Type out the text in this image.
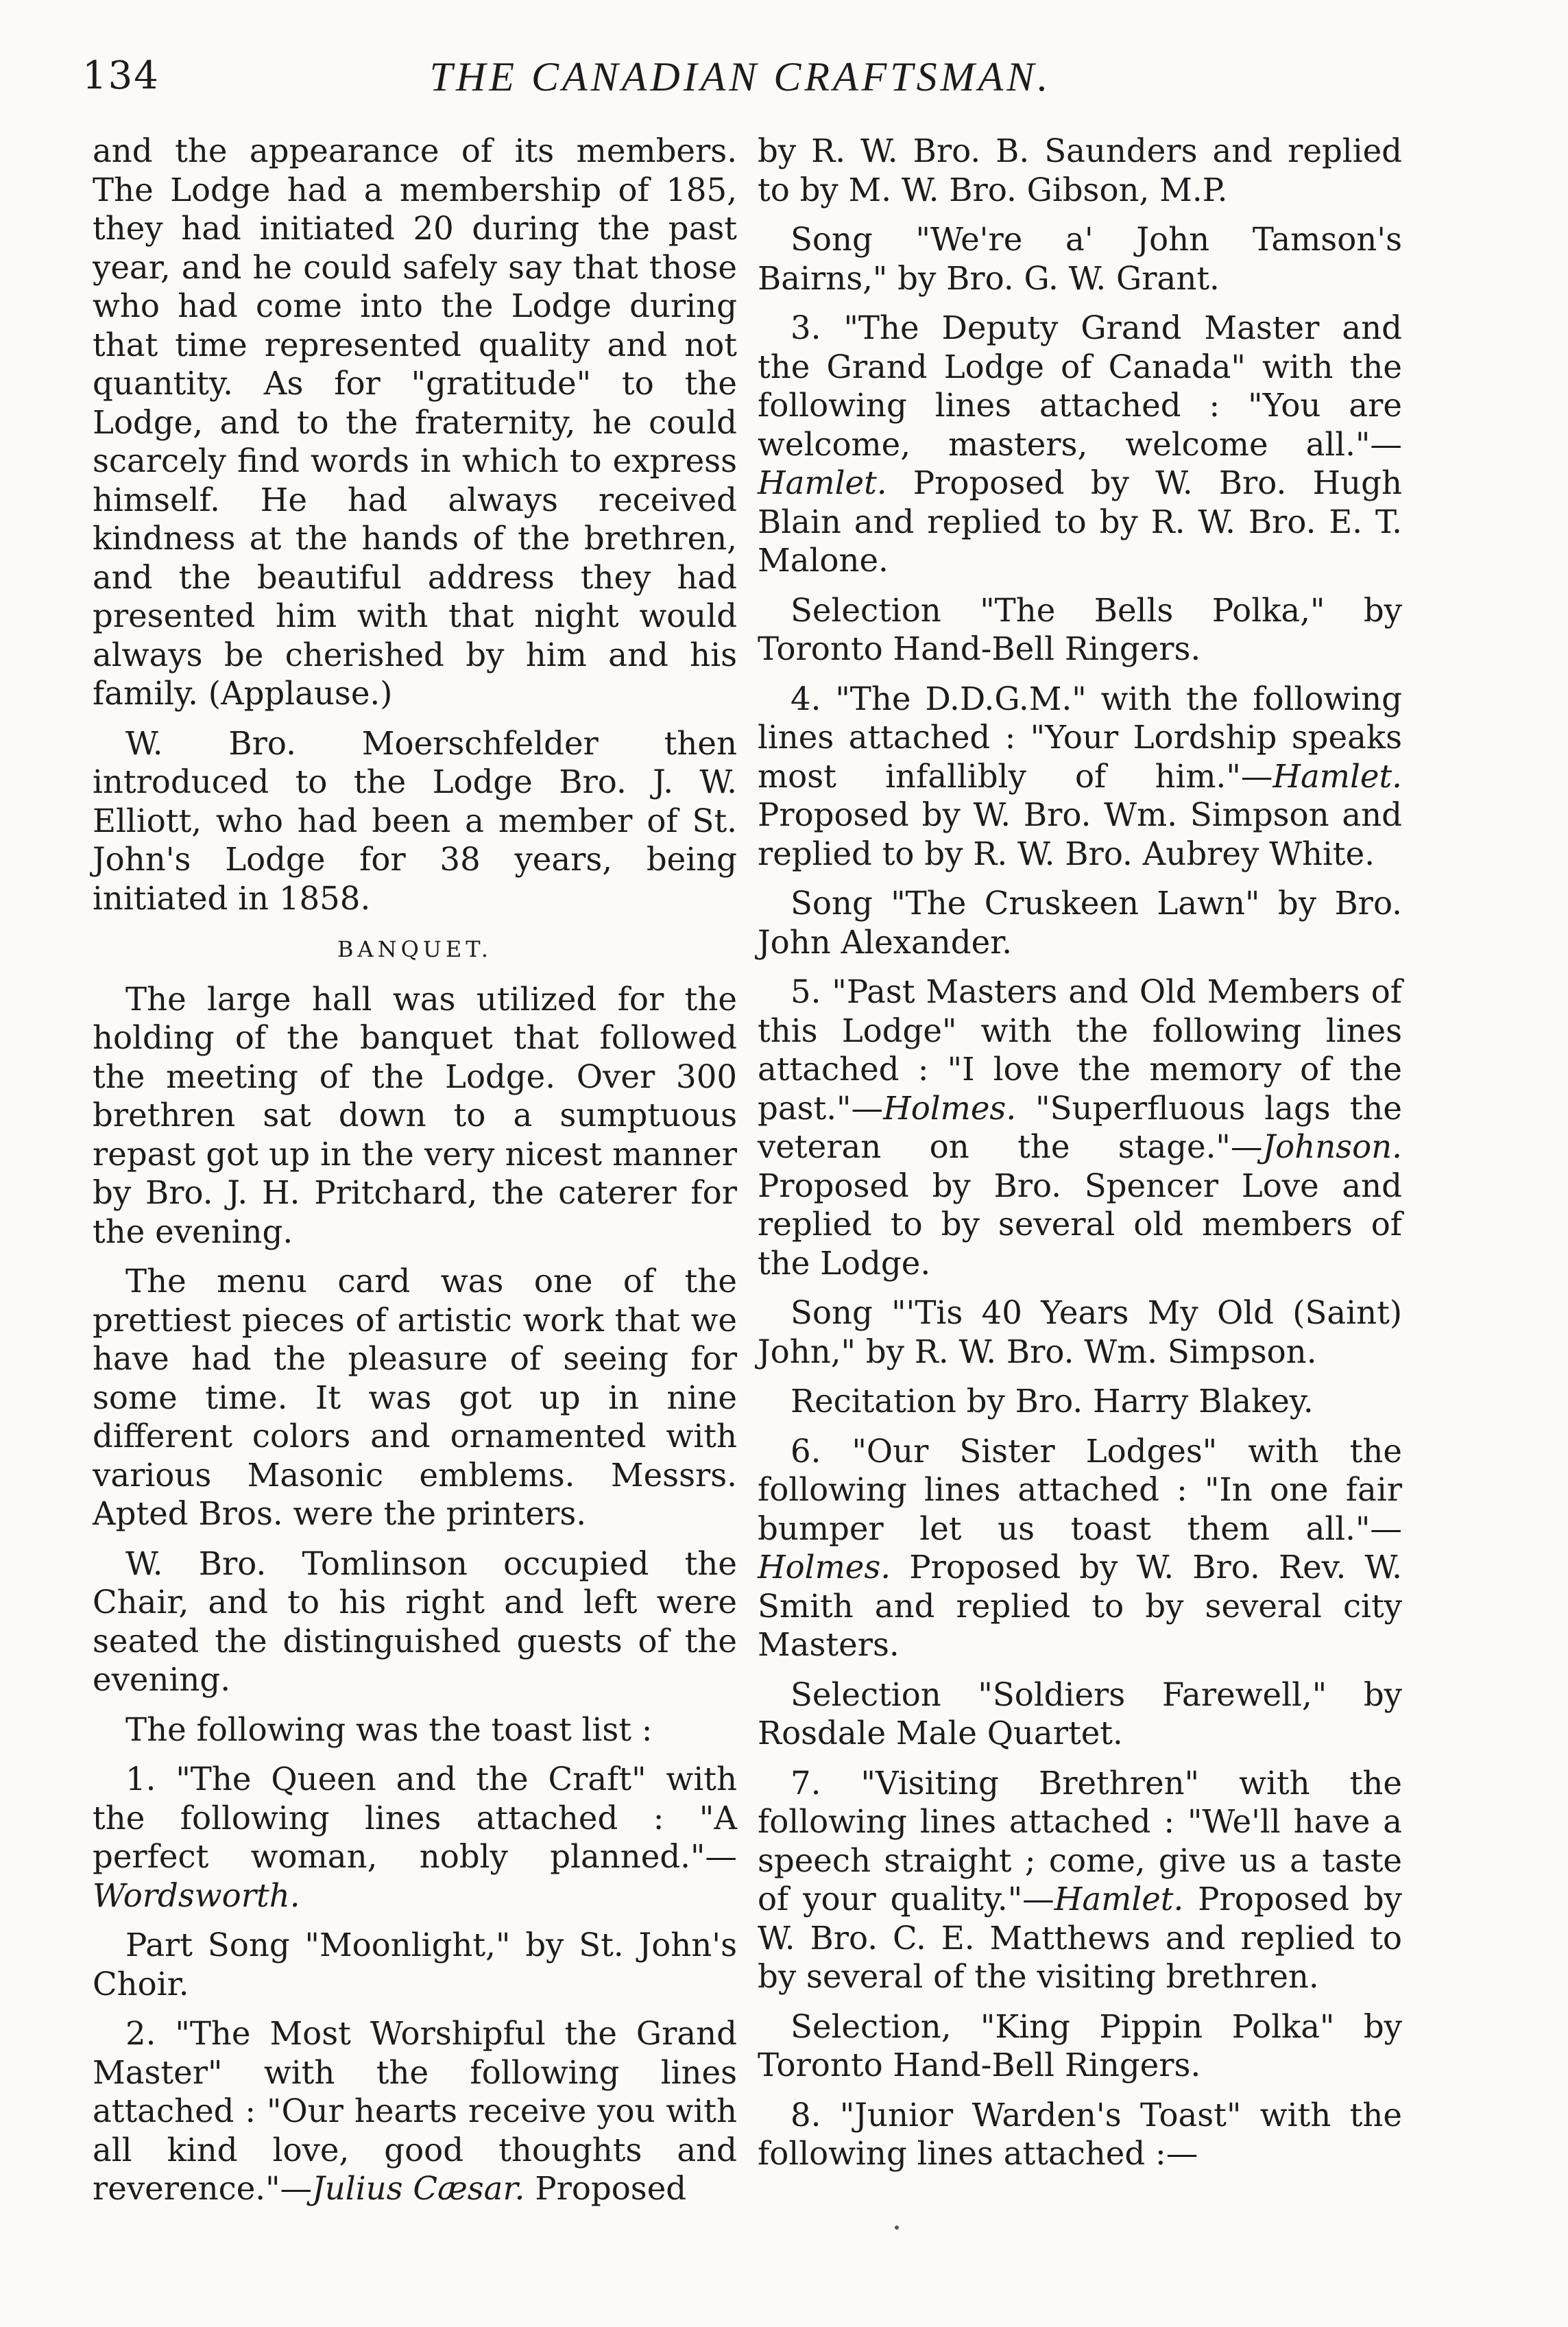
134	THE CANADIAN CRAFTSMAN.

and the appearance of its members. The Lodge had a membership of 185, they had initiated 20 during the past year, and he could safely say that those who had come into the Lodge during that time represented quality and not quantity. As for "gratitude" to the Lodge, and to the fraternity, he could scarcely find words in which to express himself. He had always received kindness at the hands of the brethren, and the beautiful address they had presented him with that night would always be cherished by him and his family. (Applause.)

W. Bro. Moerschfelder then introduced to the Lodge Bro. J. W. Elliott, who had been a member of St. John's Lodge for 38 years, being initiated in 1858.

BANQUET.

The large hall was utilized for the holding of the banquet that followed the meeting of the Lodge. Over 300 brethren sat down to a sumptuous repast got up in the very nicest manner by Bro. J. H. Pritchard, the caterer for the evening.

The menu card was one of the prettiest pieces of artistic work that we have had the pleasure of seeing for some time. It was got up in nine different colors and ornamented with various Masonic emblems. Messrs. Apted Bros. were the printers.

W. Bro. Tomlinson occupied the Chair, and to his right and left were seated the distinguished guests of the evening.

The following was the toast list :

1. "The Queen and the Craft" with the following lines attached : "A perfect woman, nobly planned."—Wordsworth.

Part Song "Moonlight," by St. John's Choir.

2. "The Most Worshipful the Grand Master" with the following lines attached : "Our hearts receive you with all kind love, good thoughts and reverence."—Julius Cæsar. Proposed

by R. W. Bro. B. Saunders and replied to by M. W. Bro. Gibson, M.P.

Song "We're a' John Tamson's Bairns," by Bro. G. W. Grant.

3. "The Deputy Grand Master and the Grand Lodge of Canada" with the following lines attached : "You are welcome, masters, welcome all."—Hamlet. Proposed by W. Bro. Hugh Blain and replied to by R. W. Bro. E. T. Malone.

Selection "The Bells Polka," by Toronto Hand-Bell Ringers.

4. "The D.D.G.M." with the following lines attached : "Your Lordship speaks most infallibly of him."—Hamlet. Proposed by W. Bro. Wm. Simpson and replied to by R. W. Bro. Aubrey White.

Song "The Cruskeen Lawn" by Bro. John Alexander.

5. "Past Masters and Old Members of this Lodge" with the following lines attached : "I love the memory of the past."—Holmes. "Superfluous lags the veteran on the stage."—Johnson. Proposed by Bro. Spencer Love and replied to by several old members of the Lodge.

Song "'Tis 40 Years My Old (Saint) John," by R. W. Bro. Wm. Simpson.

Recitation by Bro. Harry Blakey.

6. "Our Sister Lodges" with the following lines attached : "In one fair bumper let us toast them all."—Holmes. Proposed by W. Bro. Rev. W. Smith and replied to by several city Masters.

Selection "Soldiers Farewell," by Rosdale Male Quartet.

7. "Visiting Brethren" with the following lines attached : "We'll have a speech straight ; come, give us a taste of your quality."—Hamlet. Proposed by W. Bro. C. E. Matthews and replied to by several of the visiting brethren.

Selection, "King Pippin Polka" by Toronto Hand-Bell Ringers.

8. "Junior Warden's Toast" with the following lines attached :—
